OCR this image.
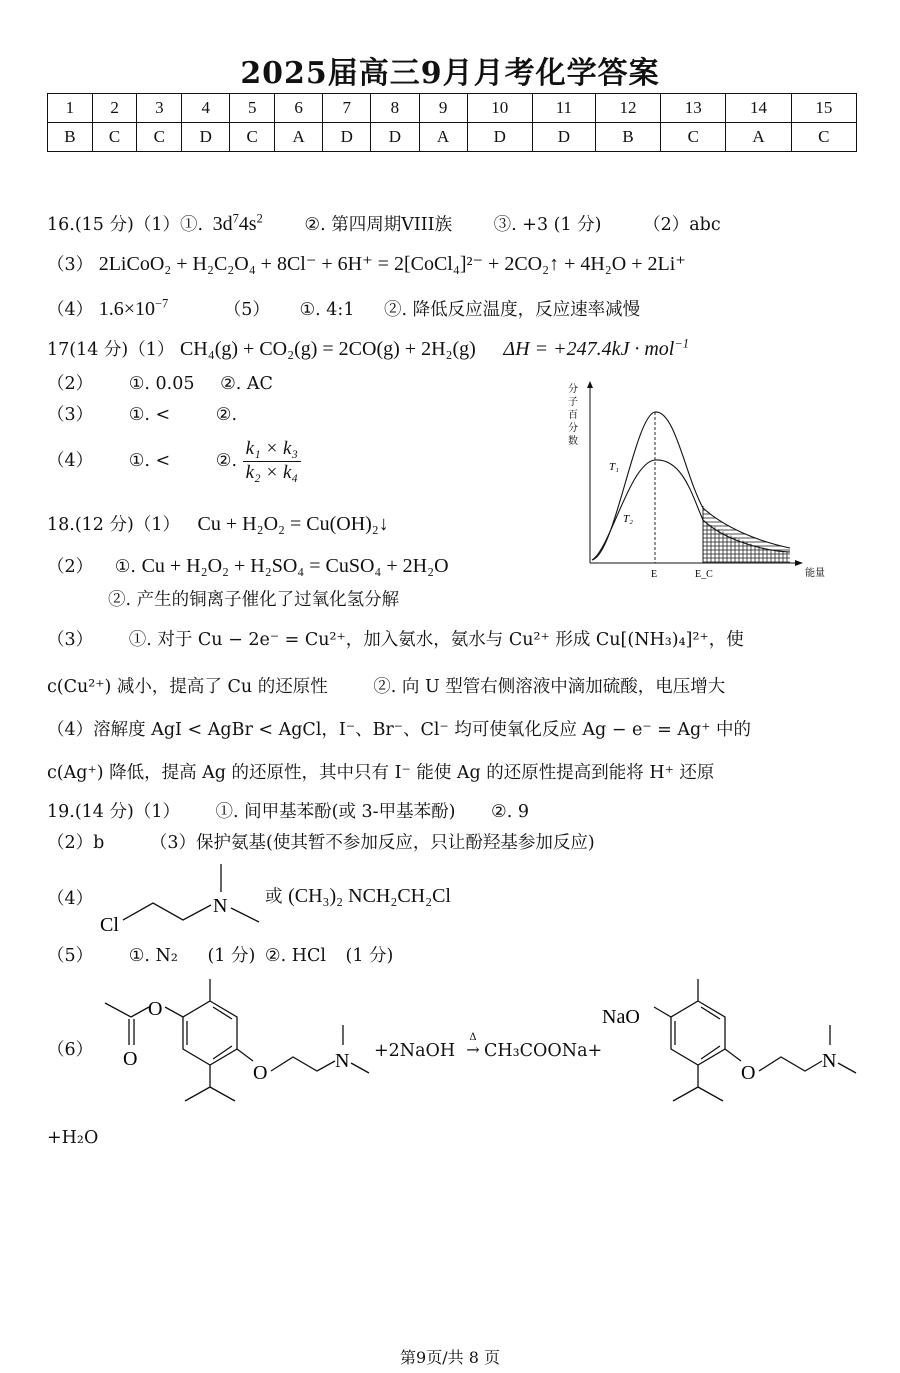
2025届高三9月月考化学答案
1	2	3	4	5	6	7	8	9	10	11	12	13	14	15
B	C	C	D	C	A	D	D	A	D	D	B	C	A	C
16.(15 分)（1）①. $3d^74s^2$ ②. 第四周期VIII族 ③. +3 (1 分) （2）abc
（3） 2LiCoO₂ + H₂C₂O₄ + 8Cl⁻ + 6H⁺ = 2[CoCl₄]²⁻ + 2CO₂↑ + 4H₂O + 2Li⁺
（4） $1.6\times 10^{-7}$	（5） ①. 4:1 ②. 降低反应温度，反应速率减慢
17(14 分)（1） CH₄(g) + CO₂(g) = 2CO(g) + 2H₂(g) ΔH = +247.4kJ · mol$^{-1}$
（2） ①. 0.05 ②. AC
（3） ①. <	②.
（4） ①. <	②. $\frac{\text{k₁ × k₃}}{\text{k₂ × k₄}}$
分
子
百
分
数
T₁
T₂
E	E_C	能量
18.(12 分)（1） Cu + H₂O₂ = Cu(OH)₂↓
（2） ①. Cu + H₂O₂ + H₂SO₄ = CuSO₄ + 2H₂O
②. 产生的铜离子催化了过氧化氢分解
（3） ①. 对于 Cu − 2e⁻ = Cu²⁺，加入氨水，氨水与 Cu²⁺ 形成 Cu[(NH₃)₄]²⁺，使
c(Cu²⁺) 减小，提高了 Cu 的还原性	②. 向 U 型管右侧溶液中滴加硫酸，电压增大
（4）溶解度 AgI < AgBr < AgCl，I⁻、Br⁻、Cl⁻ 均可使氧化反应 Ag − e⁻ = Ag⁺ 中的
c(Ag⁺) 降低，提高 Ag 的还原性，其中只有 I⁻ 能使 Ag 的还原性提高到能将 H⁺ 还原
19.(14 分)（1） ①. 间甲基苯酚(或 3-甲基苯酚) ②. 9
（2）b	（3）保护氨基(使其暂不参加反应，只让酚羟基参加反应)
（4）
Cl
N 或 (CH₃)₂ NCH₂CH₂Cl
（5） ①. N₂ (1 分) ②. HCl (1 分)
（6）
O
O
O
N +2NaOH
Δ
→ CH₃COONa+
NaO
O
N
+H₂O
第9页/共 8 页
